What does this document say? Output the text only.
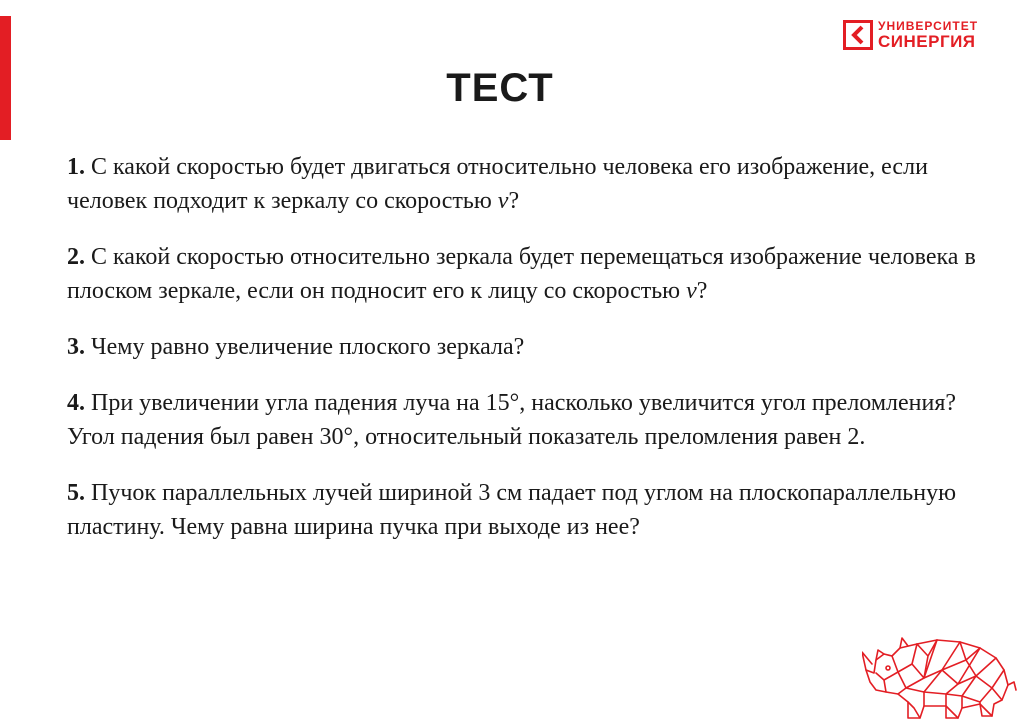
УНИВЕРСИТЕТ
СИНЕРГИЯ
ТЕСТ
1. С какой скоростью будет двигаться относительно человека его изображение, если человек подходит к зеркалу со скоростью v?
2. С какой скоростью относительно зеркала будет перемещаться изображение человека в плоском зеркале, если он подносит его к лицу со скоростью v?
3. Чему равно увеличение плоского зеркала?
4. При увеличении угла падения луча на 15°, насколько увеличится угол преломления? Угол падения был равен 30°, относительный показатель преломления равен 2.
5. Пучок параллельных лучей шириной 3 см падает под углом на плоскопараллельную пластину. Чему равна ширина пучка при выходе из нее?
